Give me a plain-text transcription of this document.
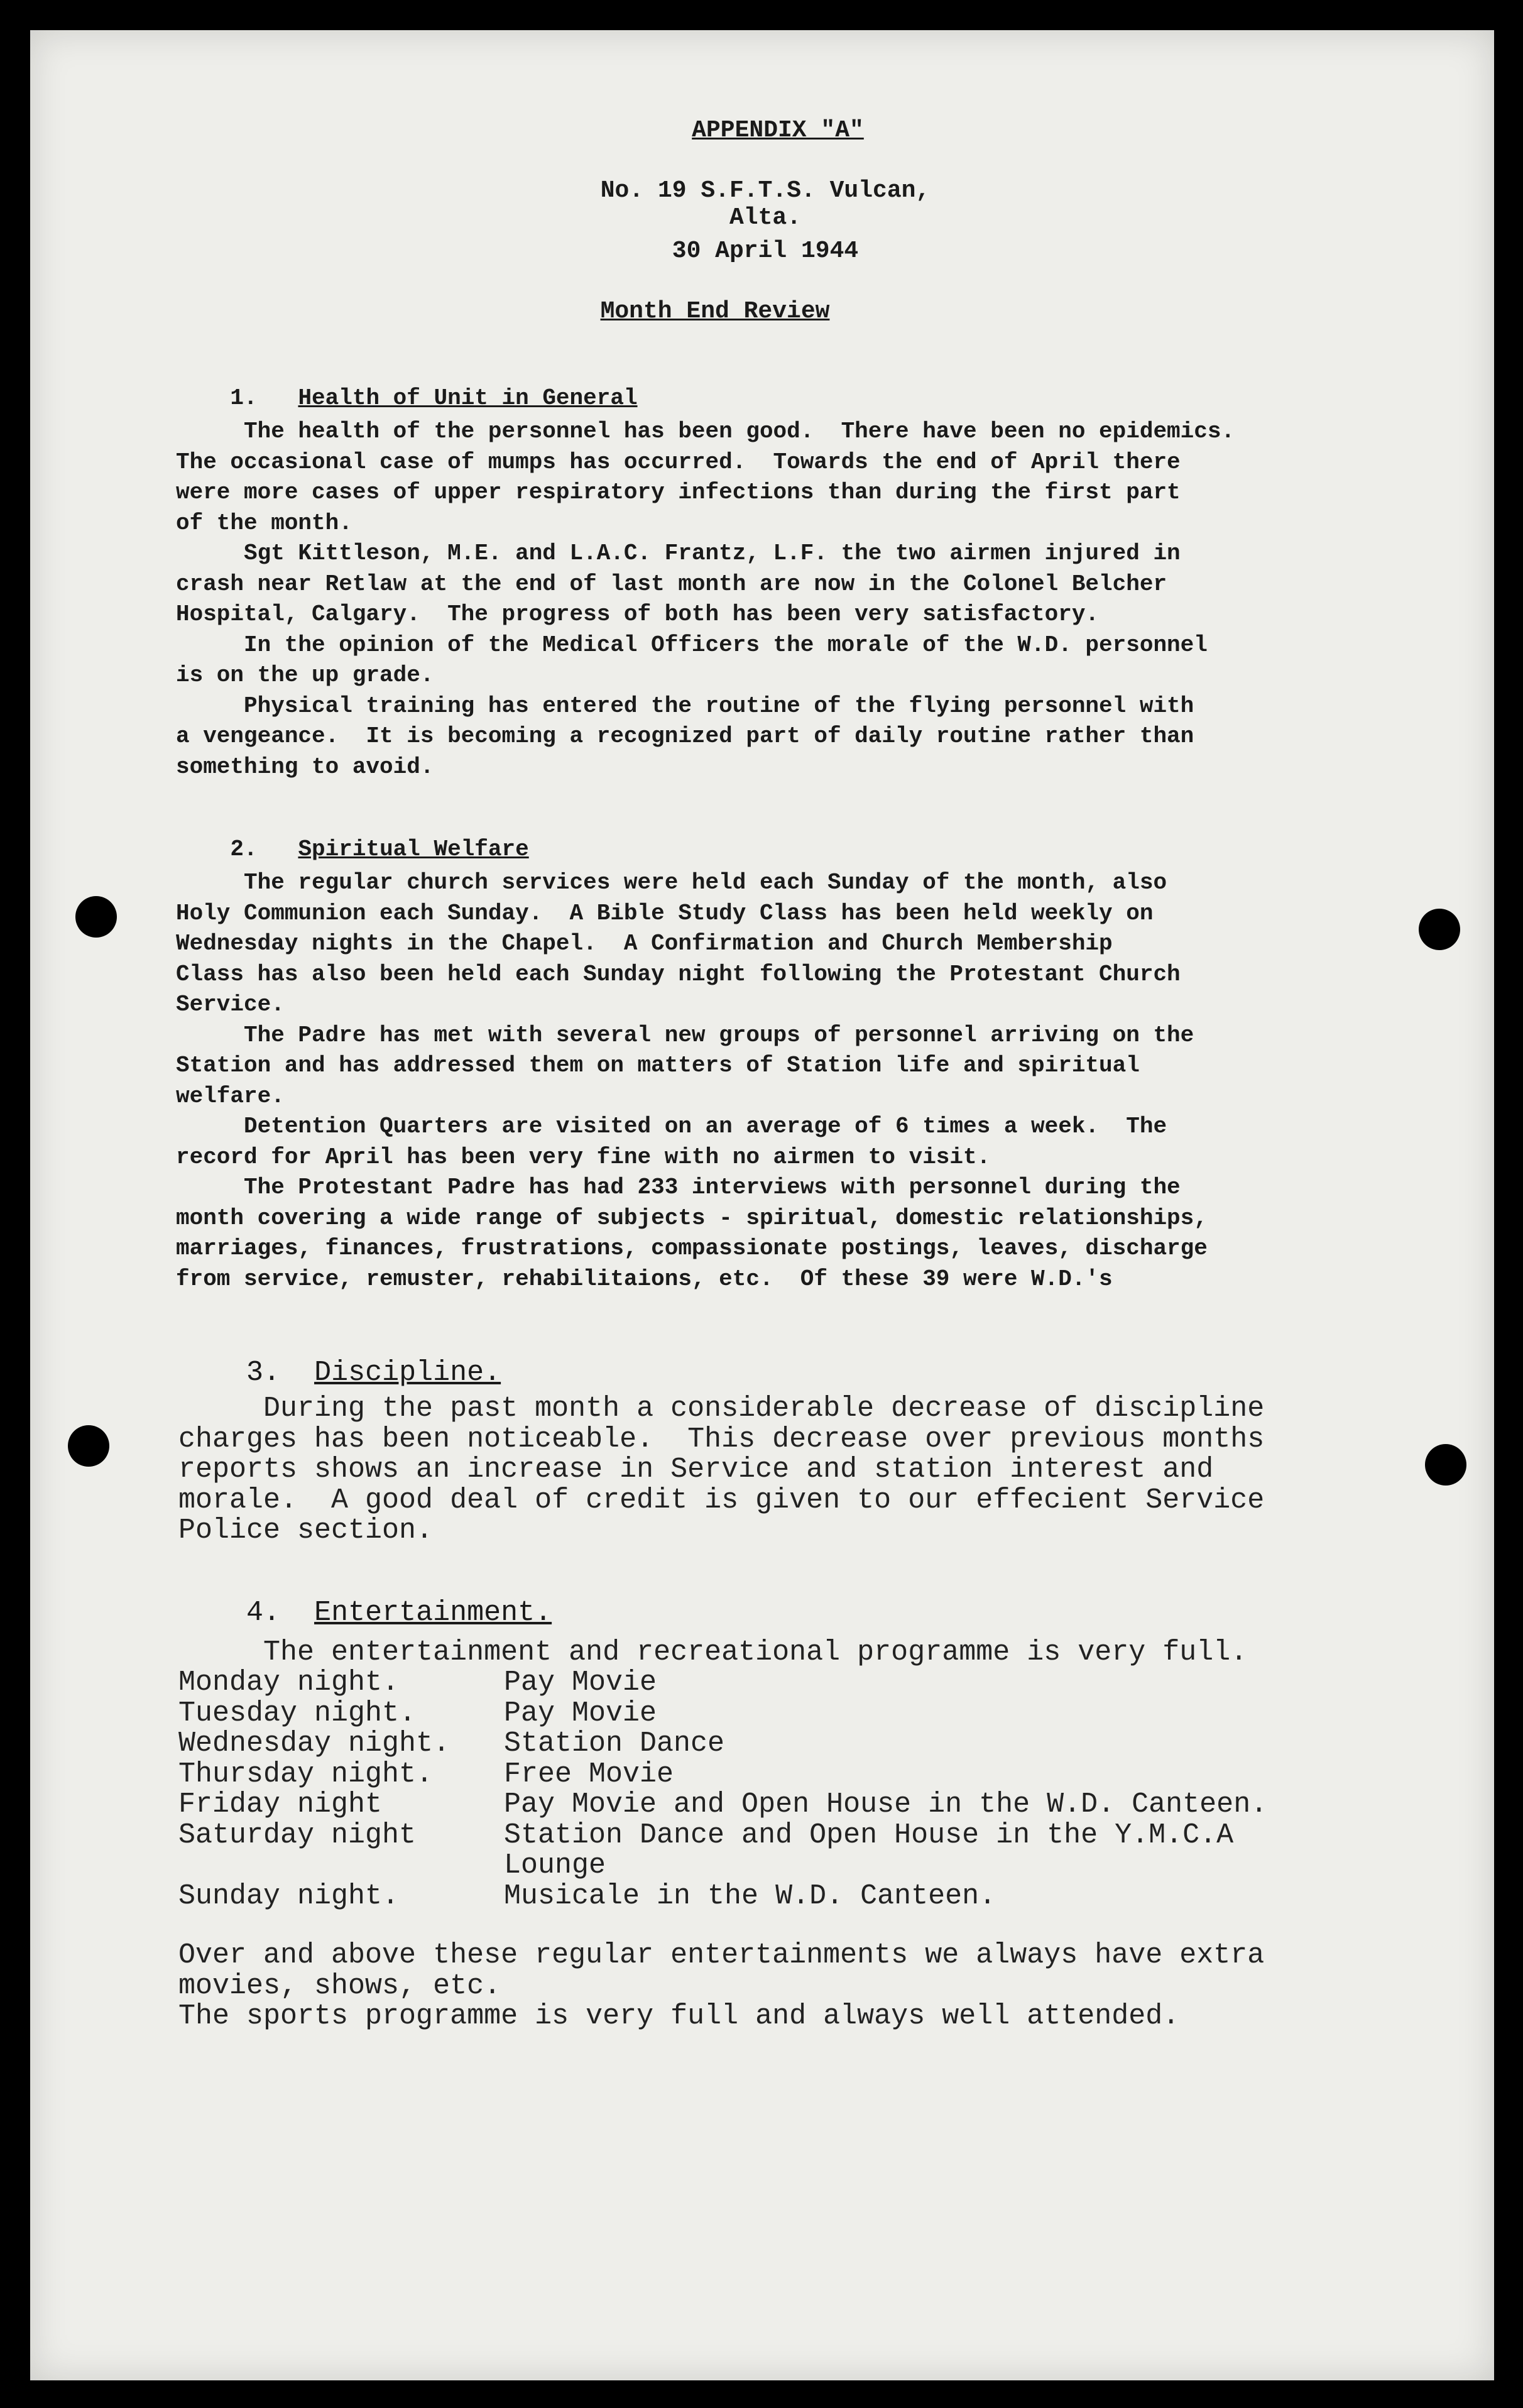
APPENDIX "A"
No. 19 S.F.T.S. Vulcan, Alta.
30 April 1944
Month End Review

1. Health of Unit in General

The health of the personnel has been good.  There have been no epidemics.
The occasional case of mumps has occurred.  Towards the end of April there
were more cases of upper respiratory infections than during the first part
of the month.
Sgt Kittleson, M.E. and L.A.C. Frantz, L.F. the two airmen injured in
crash near Retlaw at the end of last month are now in the Colonel Belcher
Hospital, Calgary.  The progress of both has been very satisfactory.
In the opinion of the Medical Officers the morale of the W.D. personnel
is on the up grade.
Physical training has entered the routine of the flying personnel with
a vengeance.  It is becoming a recognized part of daily routine rather than
something to avoid.

2. Spiritual Welfare

The regular church services were held each Sunday of the month, also
Holy Communion each Sunday.  A Bible Study Class has been held weekly on
Wednesday nights in the Chapel.  A Confirmation and Church Membership
Class has also been held each Sunday night following the Protestant Church
Service.
The Padre has met with several new groups of personnel arriving on the
Station and has addressed them on matters of Station life and spiritual
welfare.
Detention Quarters are visited on an average of 6 times a week.  The
record for April has been very fine with no airmen to visit.
The Protestant Padre has had 233 interviews with personnel during the
month covering a wide range of subjects - spiritual, domestic relationships,
marriages, finances, frustrations, compassionate postings, leaves, discharge
from service, remuster, rehabilitaions, etc.  Of these 39 were W.D.'s

3. Discipline.

During the past month a considerable decrease of discipline
charges has been noticeable.  This decrease over previous months
reports shows an increase in Service and station interest and
morale.  A good deal of credit is given to our effecient Service
Police section.

4. Entertainment.

The entertainment and recreational programme is very full.
Monday night.	Pay Movie
Tuesday night.	Pay Movie
Wednesday night. Station Dance
Thursday night.	Free Movie
Friday night	Pay Movie and Open House in the W.D. Canteen.
Saturday night	Station Dance and Open House in the Y.M.C.A
Lounge
Sunday night.	Musicale in the W.D. Canteen.
Over and above these regular entertainments we always have extra
movies, shows, etc.
The sports programme is very full and always well attended.
